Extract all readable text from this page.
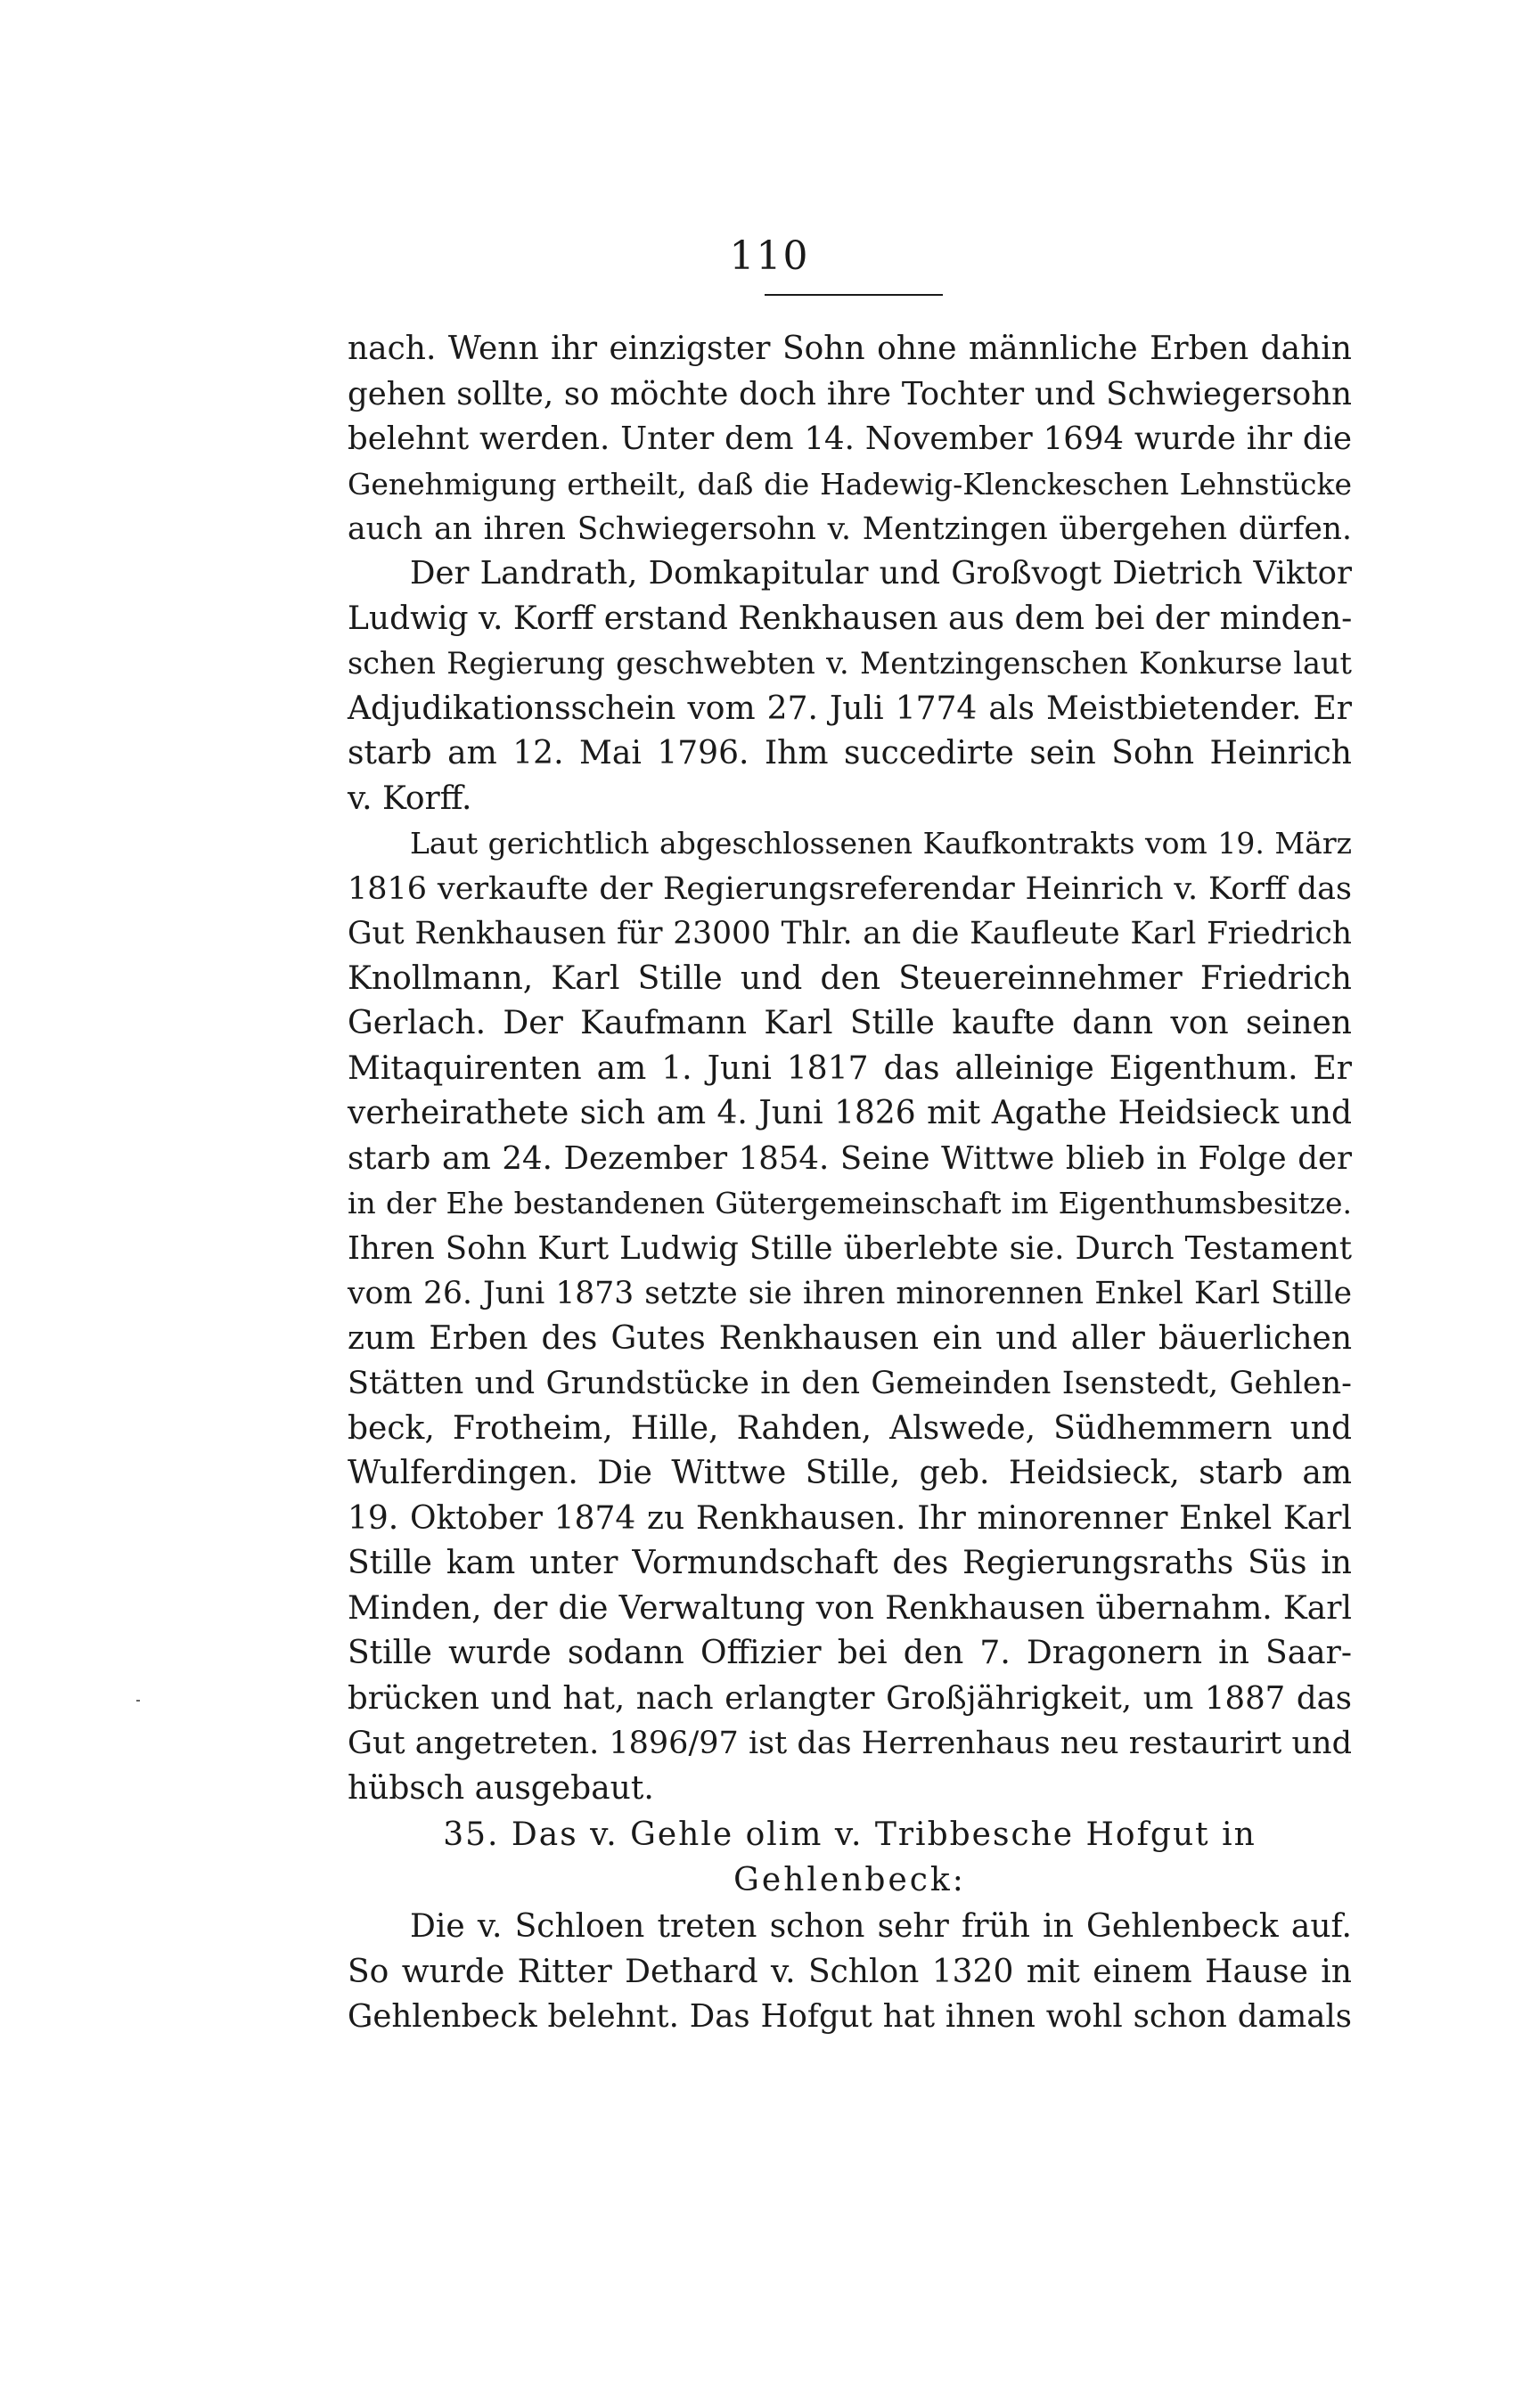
110
nach. Wenn ihr einzigster Sohn ohne männliche Erben dahin
gehen sollte, so möchte doch ihre Tochter und Schwiegersohn
belehnt werden. Unter dem 14. November 1694 wurde ihr die
Genehmigung ertheilt, daß die Hadewig-Klenckeschen Lehnstücke
auch an ihren Schwiegersohn v. Mentzingen übergehen dürfen.
Der Landrath, Domkapitular und Großvogt Dietrich Viktor
Ludwig v. Korff erstand Renkhausen aus dem bei der minden-
schen Regierung geschwebten v. Mentzingenschen Konkurse laut
Adjudikationsschein vom 27. Juli 1774 als Meistbietender. Er
starb am 12. Mai 1796. Ihm succedirte sein Sohn Heinrich
v. Korff.
Laut gerichtlich abgeschlossenen Kaufkontrakts vom 19. März
1816 verkaufte der Regierungsreferendar Heinrich v. Korff das
Gut Renkhausen für 23000 Thlr. an die Kaufleute Karl Friedrich
Knollmann, Karl Stille und den Steuereinnehmer Friedrich
Gerlach. Der Kaufmann Karl Stille kaufte dann von seinen
Mitaquirenten am 1. Juni 1817 das alleinige Eigenthum. Er
verheirathete sich am 4. Juni 1826 mit Agathe Heidsieck und
starb am 24. Dezember 1854. Seine Wittwe blieb in Folge der
in der Ehe bestandenen Gütergemeinschaft im Eigenthumsbesitze.
Ihren Sohn Kurt Ludwig Stille überlebte sie. Durch Testament
vom 26. Juni 1873 setzte sie ihren minorennen Enkel Karl Stille
zum Erben des Gutes Renkhausen ein und aller bäuerlichen
Stätten und Grundstücke in den Gemeinden Isenstedt, Gehlen-
beck, Frotheim, Hille, Rahden, Alswede, Südhemmern und
Wulferdingen. Die Wittwe Stille, geb. Heidsieck, starb am
19. Oktober 1874 zu Renkhausen. Ihr minorenner Enkel Karl
Stille kam unter Vormundschaft des Regierungsraths Süs in
Minden, der die Verwaltung von Renkhausen übernahm. Karl
Stille wurde sodann Offizier bei den 7. Dragonern in Saar-
brücken und hat, nach erlangter Großjährigkeit, um 1887 das
Gut angetreten. 1896/97 ist das Herrenhaus neu restaurirt und
hübsch ausgebaut.
35. Das v. Gehle olim v. Tribbesche Hofgut in
Gehlenbeck:
Die v. Schloen treten schon sehr früh in Gehlenbeck auf.
So wurde Ritter Dethard v. Schlon 1320 mit einem Hause in
Gehlenbeck belehnt. Das Hofgut hat ihnen wohl schon damals
